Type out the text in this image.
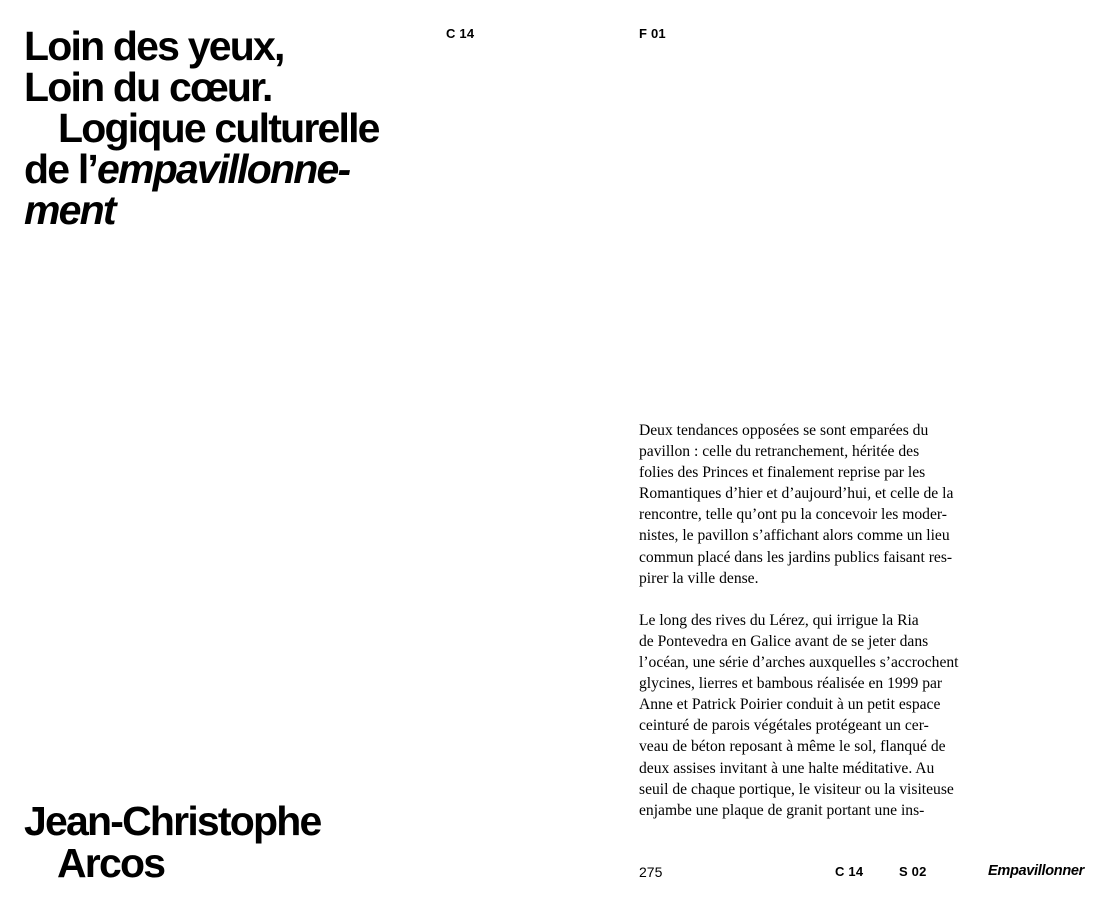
Loin des yeux,
Loin du cœur.
Logique culturelle
de l’empavillonne-
ment
C 14	F 01
Deux tendances opposées se sont emparées du
pavillon : celle du retranchement, héritée des
folies des Princes et finalement reprise par les
Romantiques d’hier et d’aujourd’hui, et celle de la
rencontre, telle qu’ont pu la concevoir les moder-
nistes, le pavillon s’affichant alors comme un lieu
commun placé dans les jardins publics faisant res-
pirer la ville dense.
Le long des rives du Lérez, qui irrigue la Ria
de Pontevedra en Galice avant de se jeter dans
l’océan, une série d’arches auxquelles s’accrochent
glycines, lierres et bambous réalisée en 1999 par
Anne et Patrick Poirier conduit à un petit espace
ceinturé de parois végétales protégeant un cer-
veau de béton reposant à même le sol, flanqué de
deux assises invitant à une halte méditative. Au
seuil de chaque portique, le visiteur ou la visiteuse
enjambe une plaque de granit portant une ins-
Jean-Christophe
Arcos	275	C 14	S 02	Empavillonner
